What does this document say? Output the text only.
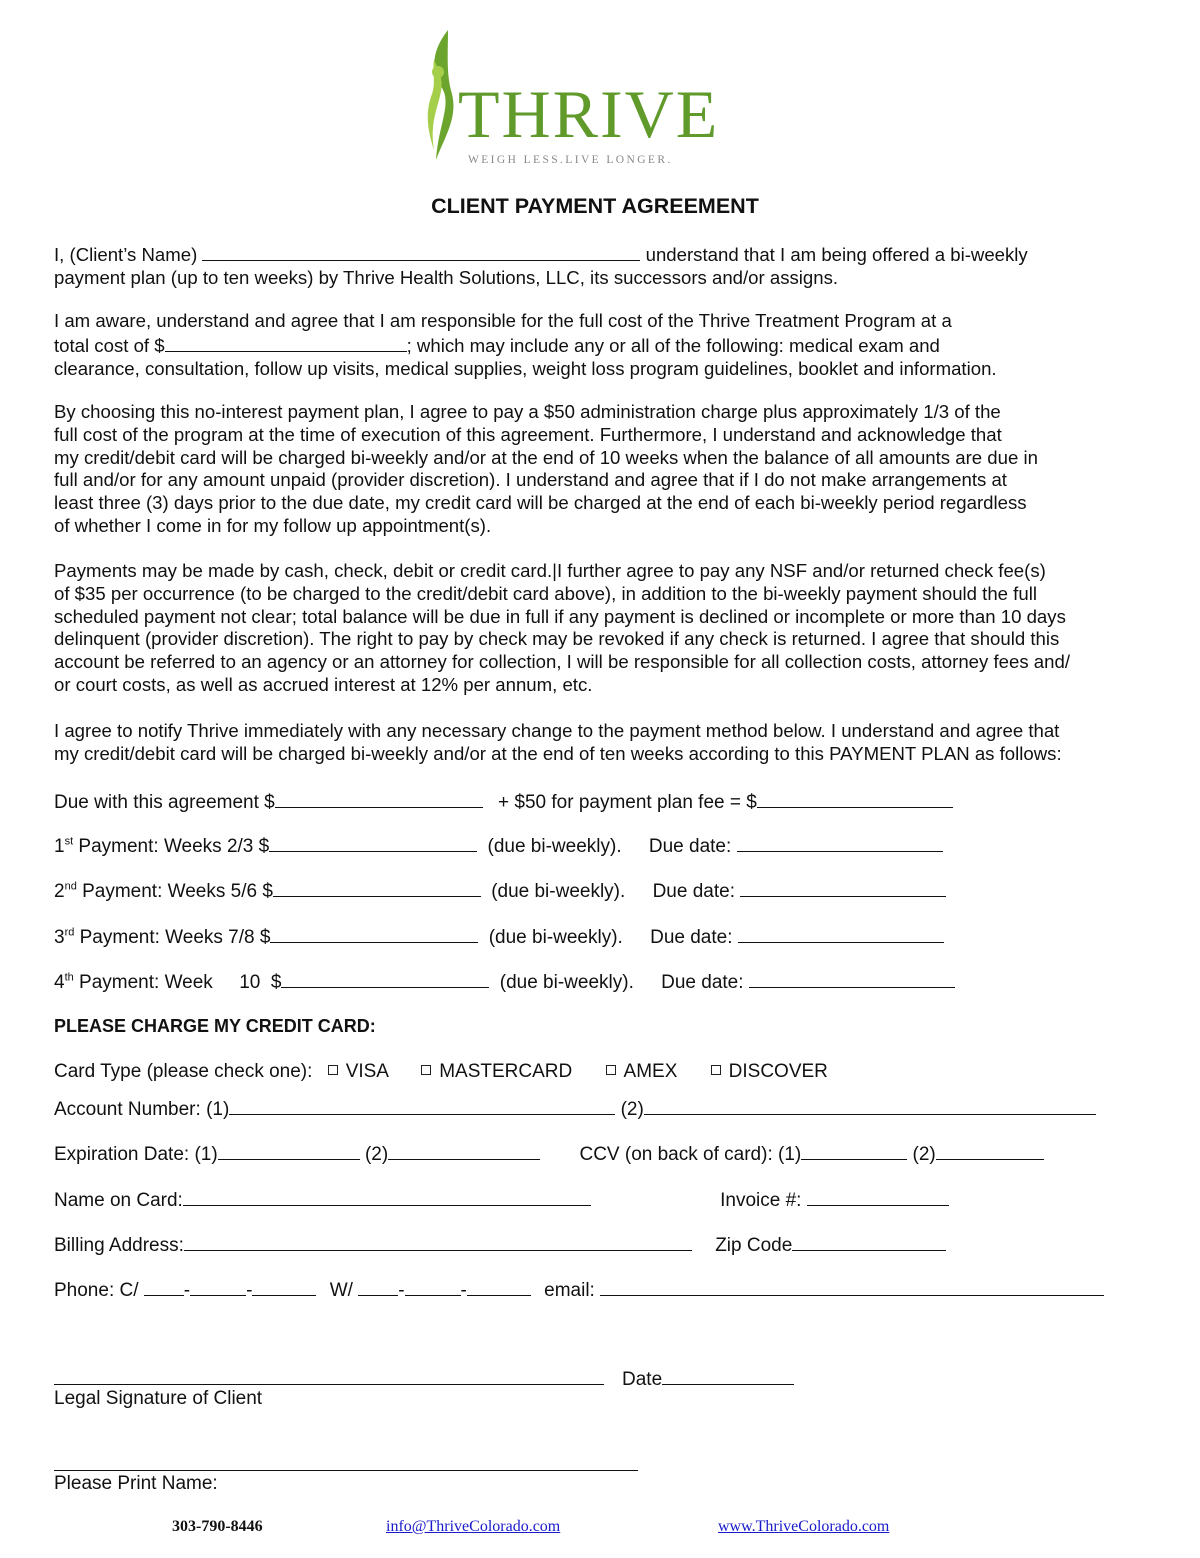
THRIVE
WEIGH LESS.LIVE LONGER.
CLIENT PAYMENT AGREEMENT
I, (Client’s Name)	understand that I am being offered a bi-weekly
payment plan (up to ten weeks) by Thrive Health Solutions, LLC, its successors and/or assigns.
I am aware, understand and agree that I am responsible for the full cost of the Thrive Treatment Program at a
total cost of $	; which may include any or all of the following: medical exam and
clearance, consultation, follow up visits, medical supplies, weight loss program guidelines, booklet and information.
By choosing this no-interest payment plan, I agree to pay a $50 administration charge plus approximately 1/3 of the
full cost of the program at the time of execution of this agreement. Furthermore, I understand and acknowledge that
my credit/debit card will be charged bi-weekly and/or at the end of 10 weeks when the balance of all amounts are due in
full and/or for any amount unpaid (provider discretion). I understand and agree that if I do not make arrangements at
least three (3) days prior to the due date, my credit card will be charged at the end of each bi-weekly period regardless
of whether I come in for my follow up appointment(s).
Payments may be made by cash, check, debit or credit card.|I further agree to pay any NSF and/or returned check fee(s)
of $35 per occurrence (to be charged to the credit/debit card above), in addition to the bi-weekly payment should the full
scheduled payment not clear; total balance will be due in full if any payment is declined or incomplete or more than 10 days
delinquent (provider discretion). The right to pay by check may be revoked if any check is returned. I agree that should this
account be referred to an agency or an attorney for collection, I will be responsible for all collection costs, attorney fees and/
or court costs, as well as accrued interest at 12% per annum, etc.
I agree to notify Thrive immediately with any necessary change to the payment method below. I understand and agree that
my credit/debit card will be charged bi-weekly and/or at the end of ten weeks according to this PAYMENT PLAN as follows:
Due with this agreement $	+ $50 for payment plan fee = $
1st Payment: Weeks 2/3 $	(due bi-weekly). Due date:
2nd Payment: Weeks 5/6 $	(due bi-weekly). Due date:
3rd Payment: Weeks 7/8 $	(due bi-weekly). Due date:
4th Payment: Week     10  $	(due bi-weekly). Due date:
PLEASE CHARGE MY CREDIT CARD:
Card Type (please check one): VISA	MASTERCARD	AMEX	DISCOVER
Account Number: (1)	(2)
Expiration Date: (1)	(2)	CCV (on back of card): (1)	(2)
Name on Card:	Invoice #:
Billing Address:	Zip Code
Phone: C/ -	-	W/ -	-	email:
Date
Legal Signature of Client
Please Print Name:
303-790-8446	info@ThriveColorado.com	www.ThriveColorado.com
